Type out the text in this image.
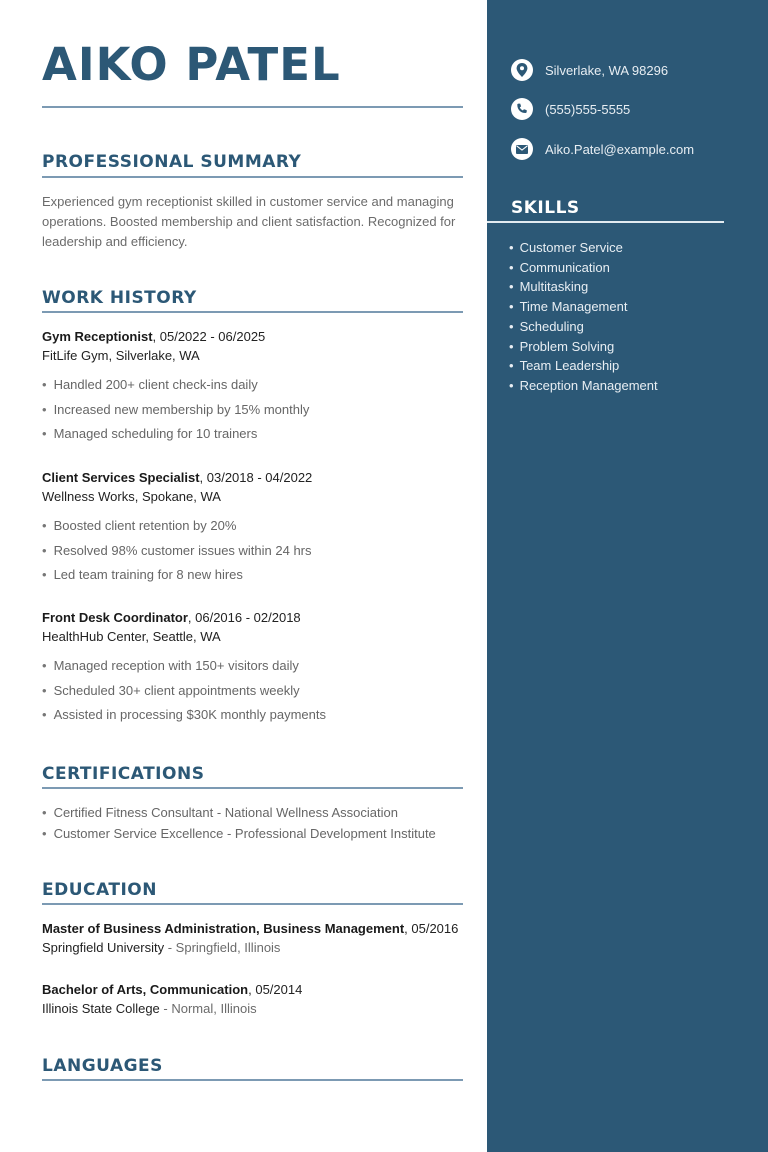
AIKO PATEL
PROFESSIONAL SUMMARY

Experienced gym receptionist skilled in customer service and managing operations. Boosted membership and client satisfaction. Recognized for leadership and efficiency.

WORK HISTORY
Gym Receptionist, 05/2022 - 06/2025
FitLife Gym, Silverlake, WA
• Handled 200+ client check-ins daily
• Increased new membership by 15% monthly
• Managed scheduling for 10 trainers
Client Services Specialist, 03/2018 - 04/2022
Wellness Works, Spokane, WA
• Boosted client retention by 20%
• Resolved 98% customer issues within 24 hrs
• Led team training for 8 new hires
Front Desk Coordinator, 06/2016 - 02/2018
HealthHub Center, Seattle, WA
• Managed reception with 150+ visitors daily
• Scheduled 30+ client appointments weekly
• Assisted in processing $30K monthly payments
CERTIFICATIONS
• Certified Fitness Consultant - National Wellness Association
• Customer Service Excellence - Professional Development Institute
EDUCATION
Master of Business Administration, Business Management, 05/2016
Springfield University - Springfield, Illinois
Bachelor of Arts, Communication, 05/2014
Illinois State College - Normal, Illinois
LANGUAGES
Silverlake, WA 98296
(555)555-5555
Aiko.Patel@example.com
SKILLS
• Customer Service
• Communication
• Multitasking
• Time Management
• Scheduling
• Problem Solving
• Team Leadership
• Reception Management
